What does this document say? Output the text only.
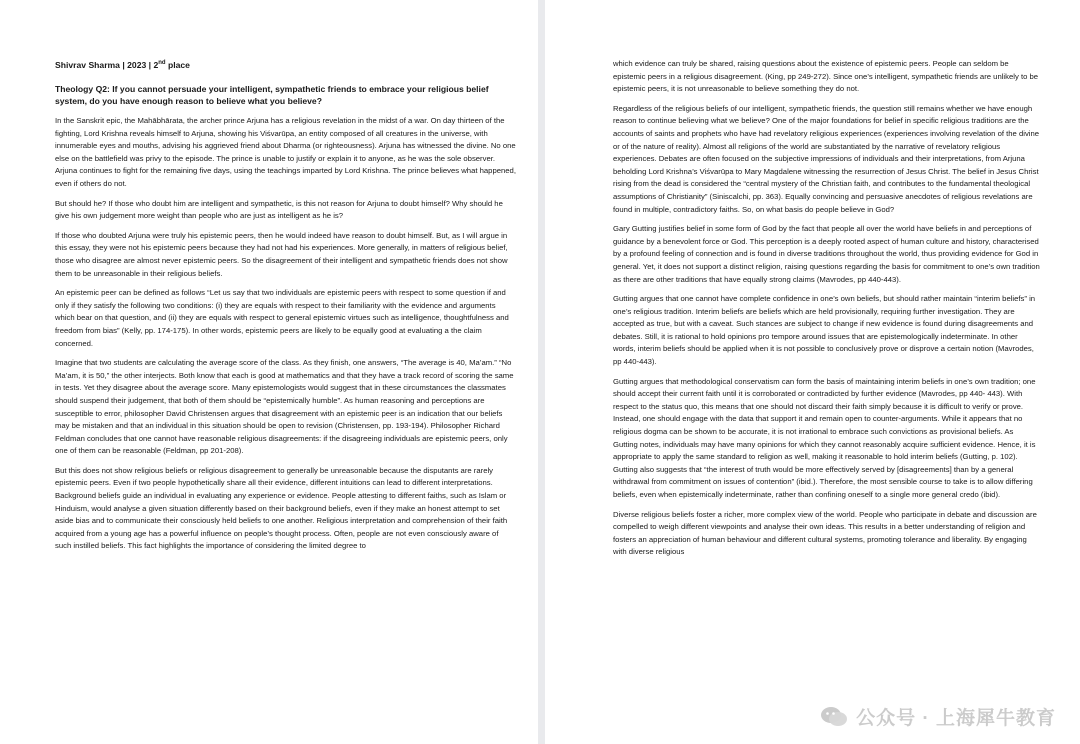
Shivrav Sharma | 2023 | 2nd place
Theology Q2: If you cannot persuade your intelligent, sympathetic friends to embrace your religious belief system, do you have enough reason to believe what you believe?

In the Sanskrit epic, the Mahābhārata, the archer prince Arjuna has a religious revelation in the midst of a war. On day thirteen of the fighting, Lord Krishna reveals himself to Arjuna, showing his Viśvarūpa, an entity composed of all creatures in the universe, with innumerable eyes and mouths, advising his aggrieved friend about Dharma (or righteousness). Arjuna has witnessed the divine. No one else on the battlefield was privy to the episode. The prince is unable to justify or explain it to anyone, as he was the sole observer. Arjuna continues to fight for the remaining five days, using the teachings imparted by Lord Krishna. The prince believes what happened, even if others do not.

But should he? If those who doubt him are intelligent and sympathetic, is this not reason for Arjuna to doubt himself? Why should he give his own judgement more weight than people who are just as intelligent as he is?

If those who doubted Arjuna were truly his epistemic peers, then he would indeed have reason to doubt himself. But, as I will argue in this essay, they were not his epistemic peers because they had not had his experiences. More generally, in matters of religious belief, those who disagree are almost never epistemic peers. So the disagreement of their intelligent and sympathetic friends does not show them to be unreasonable in their religious beliefs.

An epistemic peer can be defined as follows “Let us say that two individuals are epistemic peers with respect to some question if and only if they satisfy the following two conditions: (i) they are equals with respect to their familiarity with the evidence and arguments which bear on that question, and (ii) they are equals with respect to general epistemic virtues such as intelligence, thoughtfulness and freedom from bias” (Kelly, pp. 174-175). In other words, epistemic peers are likely to be equally good at evaluating a the claim concerned.

Imagine that two students are calculating the average score of the class. As they finish, one answers, “The average is 40, Ma’am.” “No Ma’am, it is 50,” the other interjects. Both know that each is good at mathematics and that they have a track record of scoring the same in tests. Yet they disagree about the average score. Many epistemologists would suggest that in these circumstances the classmates should suspend their judgement, that both of them should be “epistemically humble”. As human reasoning and perceptions are susceptible to error, philosopher David Christensen argues that disagreement with an epistemic peer is an indication that our beliefs may be mistaken and that an individual in this situation should be open to revision (Christensen, pp. 193-194). Philosopher Richard Feldman concludes that one cannot have reasonable religious disagreements: if the disagreeing individuals are epistemic peers, only one of them can be reasonable (Feldman, pp 201-208).

But this does not show religious beliefs or religious disagreement to generally be unreasonable because the disputants are rarely epistemic peers. Even if two people hypothetically share all their evidence, different intuitions can lead to different interpretations. Background beliefs guide an individual in evaluating any experience or evidence. People attesting to different faiths, such as Islam or Hinduism, would analyse a given situation differently based on their background beliefs, even if they make an honest attempt to set aside bias and to communicate their consciously held beliefs to one another. Religious interpretation and comprehension of their faith acquired from a young age has a powerful influence on people’s thought process. Often, people are not even consciously aware of such instilled beliefs. This fact highlights the importance of considering the limited degree to

which evidence can truly be shared, raising questions about the existence of epistemic peers. People can seldom be epistemic peers in a religious disagreement. (King, pp 249-272). Since one’s intelligent, sympathetic friends are unlikely to be epistemic peers, it is not unreasonable to believe something they do not.

Regardless of the religious beliefs of our intelligent, sympathetic friends, the question still remains whether we have enough reason to continue believing what we believe? One of the major foundations for belief in specific religious traditions are the accounts of saints and prophets who have had revelatory religious experiences (experiences involving revelation of the divine or of the nature of reality). Almost all religions of the world are substantiated by the narrative of revelatory religious experiences. Debates are often focused on the subjective impressions of individuals and their interpretations, from Arjuna beholding Lord Krishna’s Viśvarūpa to Mary Magdalene witnessing the resurrection of Jesus Christ. The belief in Jesus Christ rising from the dead is considered the “central mystery of the Christian faith, and contributes to the fundamental theological assumptions of Christianity” (Siniscalchi, pp. 363). Equally convincing and persuasive anecdotes of religious revelations are found in multiple, contradictory faiths. So, on what basis do people believe in God?

Gary Gutting justifies belief in some form of God by the fact that people all over the world have beliefs in and perceptions of guidance by a benevolent force or God. This perception is a deeply rooted aspect of human culture and history, characterised by a profound feeling of connection and is found in diverse traditions throughout the world, thus providing evidence for God in general. Yet, it does not support a distinct religion, raising questions regarding the basis for commitment to one’s own tradition as there are other traditions that have equally strong claims (Mavrodes, pp 440-443).

Gutting argues that one cannot have complete confidence in one’s own beliefs, but should rather maintain “interim beliefs” in one’s religious tradition. Interim beliefs are beliefs which are held provisionally, requiring further investigation. They are accepted as true, but with a caveat. Such stances are subject to change if new evidence is found during disagreements and debates. Still, it is rational to hold opinions pro tempore around issues that are epistemologically indeterminate. In other words, interim beliefs should be applied when it is not possible to conclusively prove or disprove a certain notion (Mavrodes, pp 440-443).

Gutting argues that methodological conservatism can form the basis of maintaining interim beliefs in one’s own tradition; one should accept their current faith until it is corroborated or contradicted by further evidence (Mavrodes, pp 440- 443). With respect to the status quo, this means that one should not discard their faith simply because it is difficult to verify or prove. Instead, one should engage with the data that support it and remain open to counter-arguments. While it appears that no religious dogma can be shown to be accurate, it is not irrational to embrace such convictions as provisional beliefs. As Gutting notes, individuals may have many opinions for which they cannot reasonably acquire sufficient evidence. Hence, it is appropriate to apply the same standard to religion as well, making it reasonable to hold interim beliefs (Gutting, p. 102). Gutting also suggests that “the interest of truth would be more effectively served by [disagreements] than by a general withdrawal from commitment on issues of contention” (ibid.). Therefore, the most sensible course to take is to allow differing beliefs, even when epistemically indeterminate, rather than confining oneself to a single more general credo (ibid).

Diverse religious beliefs foster a richer, more complex view of the world. People who participate in debate and discussion are compelled to weigh different viewpoints and analyse their own ideas. This results in a better understanding of religion and fosters an appreciation of human behaviour and different cultural systems, promoting tolerance and liberality. By engaging with diverse religious

公众号 · 上海犀牛教育
